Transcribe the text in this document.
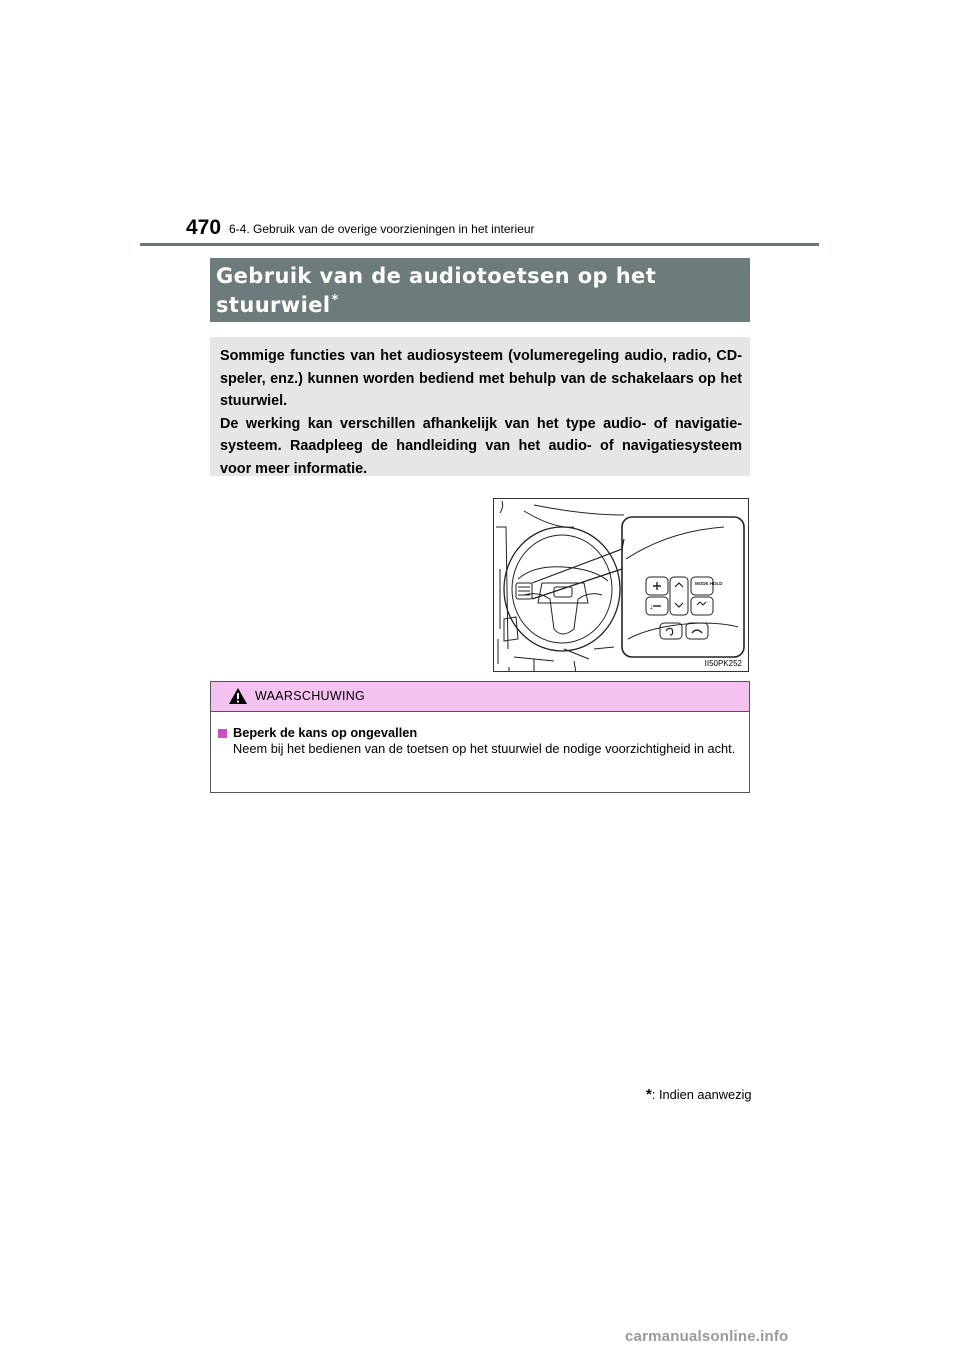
470 6-4. Gebruik van de overige voorzieningen in het interieur
Gebruik van de audiotoetsen op het stuurwiel*

Sommige functies van het audiosysteem (volumeregeling audio, radio, CD-speler, enz.) kunnen worden bediend met behulp van de schakelaars op het stuurwiel.

De werking kan verschillen afhankelijk van het type audio- of navigatie-systeem. Raadpleeg de handleiding van het audio- of navigatiesysteem voor meer informatie.

MODE HOLD
+-
II50PK252
WAARSCHUWING
Beperk de kans op ongevallen
Neem bij het bedienen van de toetsen op het stuurwiel de nodige voorzichtigheid in acht.
*: Indien aanwezig
carmanualsonline.info
